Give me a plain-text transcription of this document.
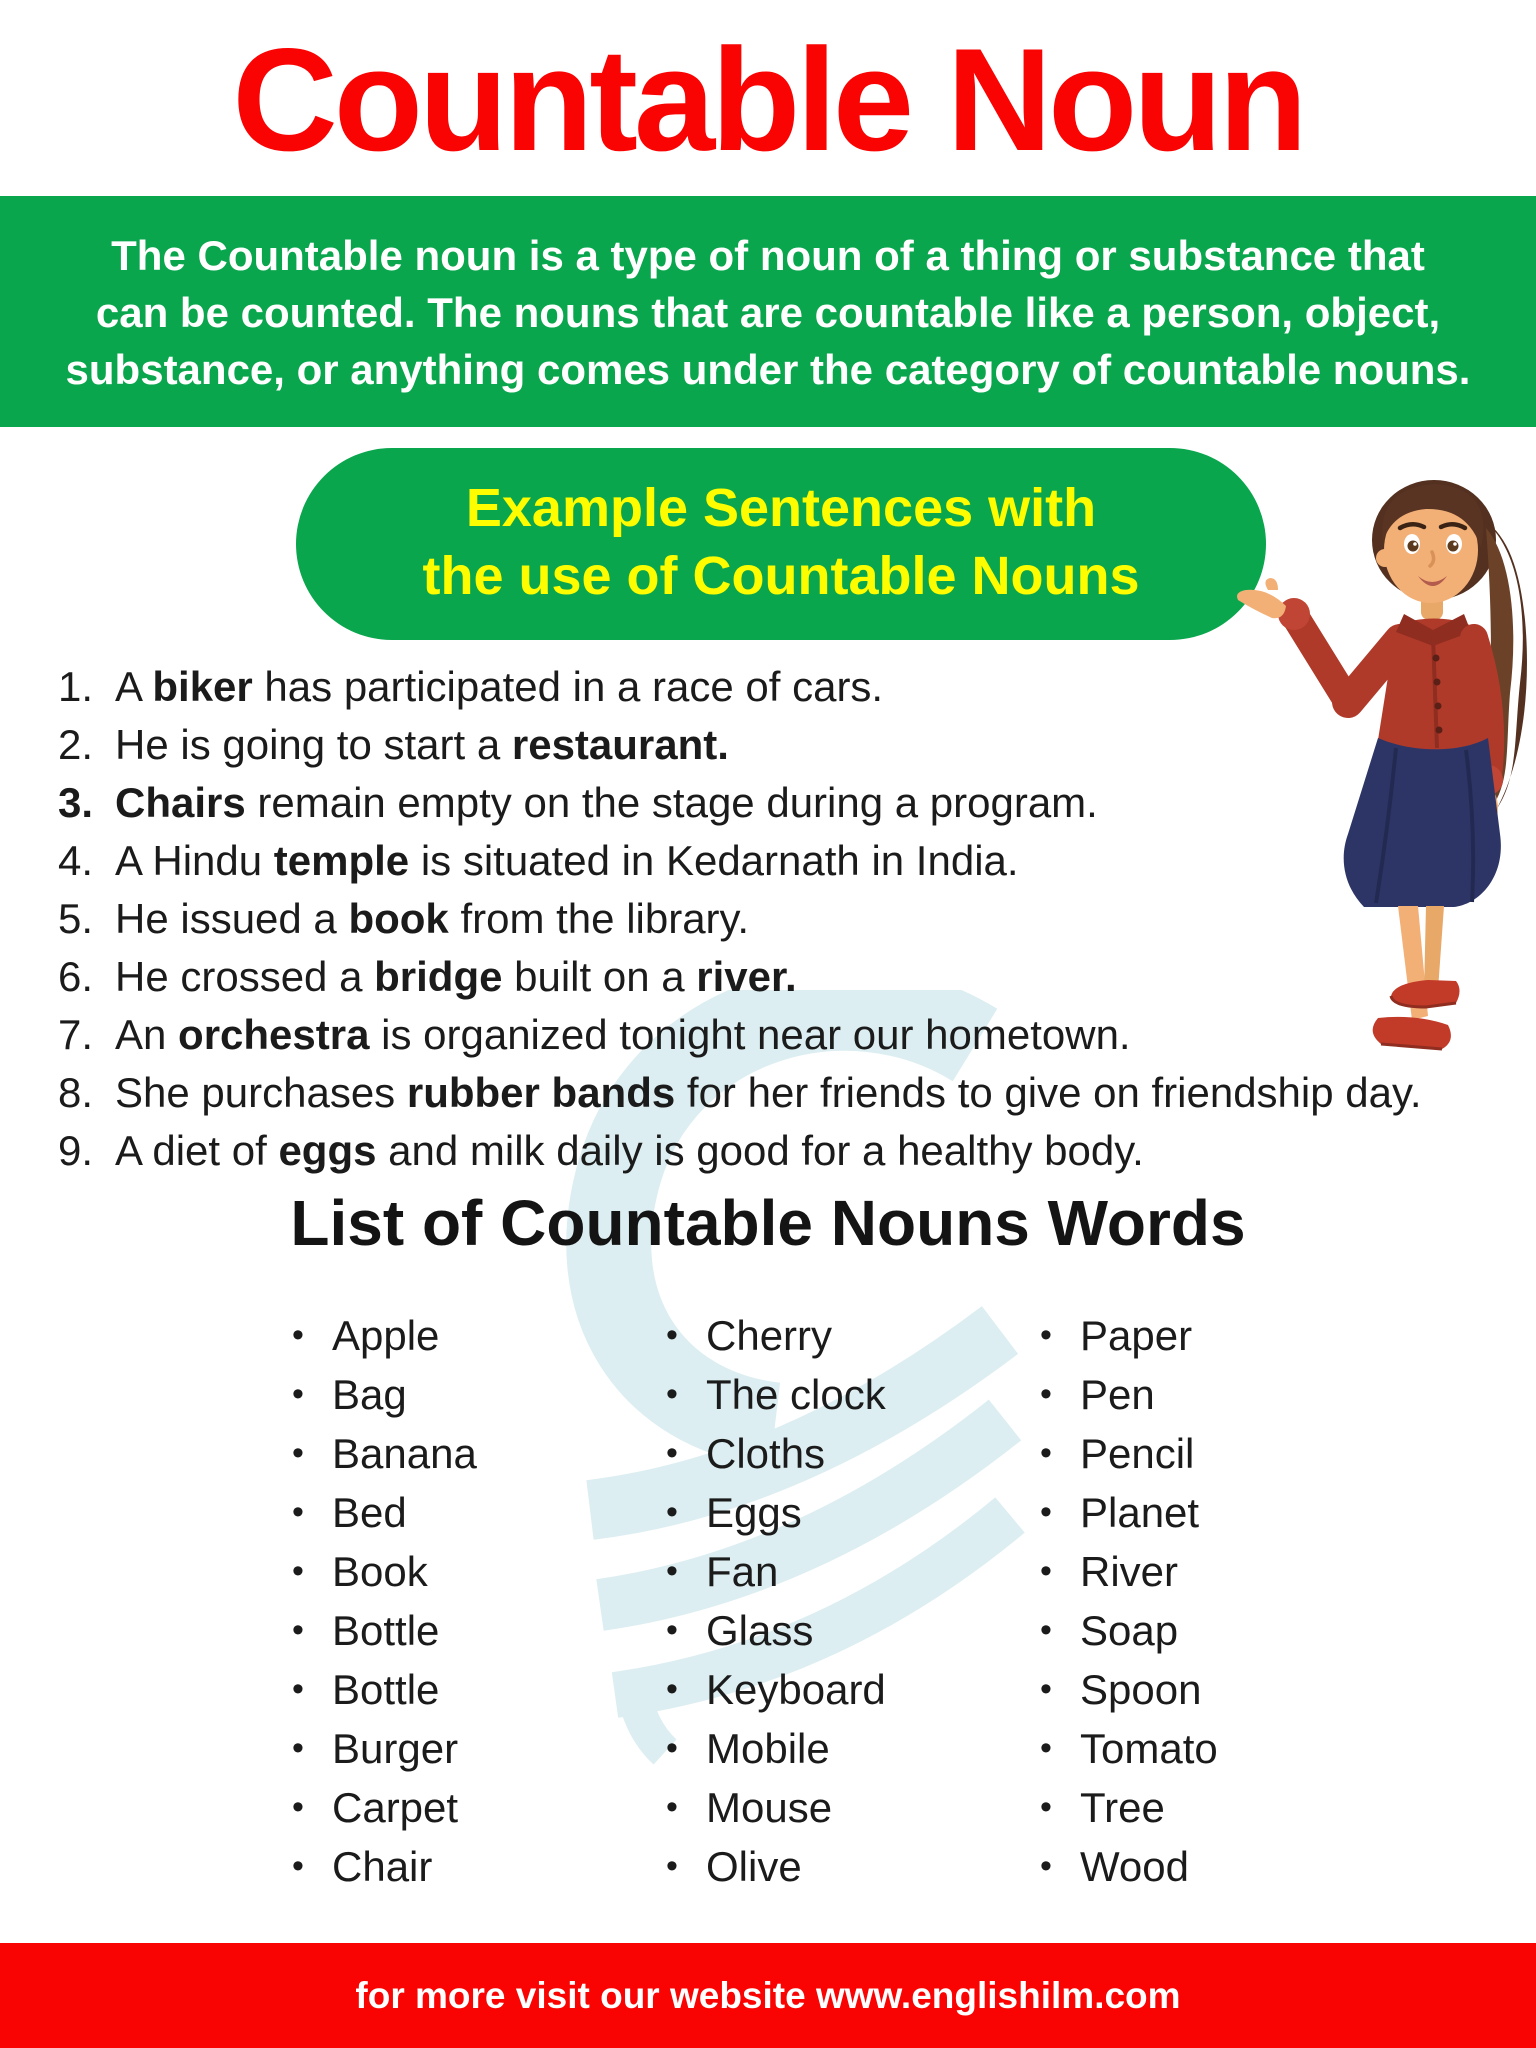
Countable Noun
The Countable noun is a type of noun of a thing or substance that
can be counted. The nouns that are countable like a person, object,
substance, or anything comes under the category of countable nouns.
Example Sentences with
the use of Countable Nouns
1. A biker has participated in a race of cars.
2. He is going to start a restaurant.
3. Chairs remain empty on the stage during a program.
4. A Hindu temple is situated in Kedarnath in India.
5. He issued a book from the library.
6. He crossed a bridge built on a river.
7. An orchestra is organized tonight near our hometown.
8. She purchases rubber bands for her friends to give on friendship day.
9. A diet of eggs and milk daily is good for a healthy body.
List of Countable Nouns Words
• Apple
• Bag
• Banana
• Bed
• Book
• Bottle
• Bottle
• Burger
• Carpet
• Chair
• Cherry
• The clock
• Cloths
• Eggs
• Fan
• Glass
• Keyboard
• Mobile
• Mouse
• Olive
• Paper
• Pen
• Pencil
• Planet
• River
• Soap
• Spoon
• Tomato
• Tree
• Wood
for more visit our website www.englishilm.com
